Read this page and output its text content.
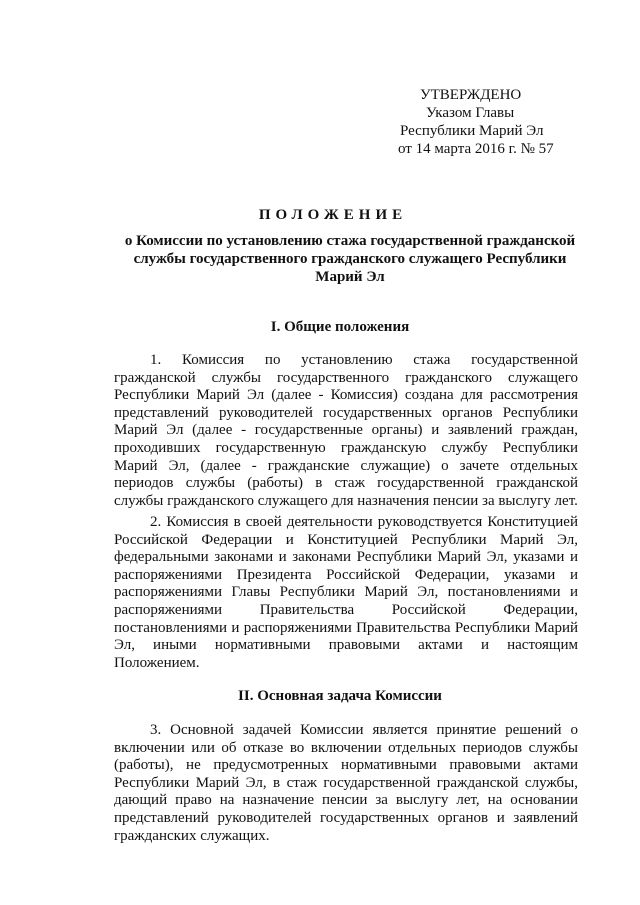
УТВЕРЖДЕНО
Указом Главы
Республики Марий Эл
от 14 марта 2016 г. № 57
ПОЛОЖЕНИЕ
о Комиссии по установлению стажа государственной гражданской службы государственного гражданского служащего Республики Марий Эл
I. Общие положения
1. Комиссия по установлению стажа государственной гражданской службы государственного гражданского служащего Республики Марий Эл (далее - Комиссия) создана для рассмотрения представлений руководителей государственных органов Республики Марий Эл (далее - государственные органы) и заявлений граждан, проходивших государственную гражданскую службу Республики Марий Эл, (далее - гражданские служащие) о зачете отдельных периодов службы (работы) в стаж государственной гражданской службы гражданского служащего для назначения пенсии за выслугу лет.
2. Комиссия в своей деятельности руководствуется Конституцией Российской Федерации и Конституцией Республики Марий Эл, федеральными законами и законами Республики Марий Эл, указами и распоряжениями Президента Российской Федерации, указами и распоряжениями Главы Республики Марий Эл, постановлениями и распоряжениями Правительства Российской Федерации, постановлениями и распоряжениями Правительства Республики Марий Эл, иными нормативными правовыми актами и настоящим Положением.
II. Основная задача Комиссии
3. Основной задачей Комиссии является принятие решений о включении или об отказе во включении отдельных периодов службы (работы), не предусмотренных нормативными правовыми актами Республики Марий Эл, в стаж государственной гражданской службы, дающий право на назначение пенсии за выслугу лет, на основании представлений руководителей государственных органов и заявлений гражданских служащих.
